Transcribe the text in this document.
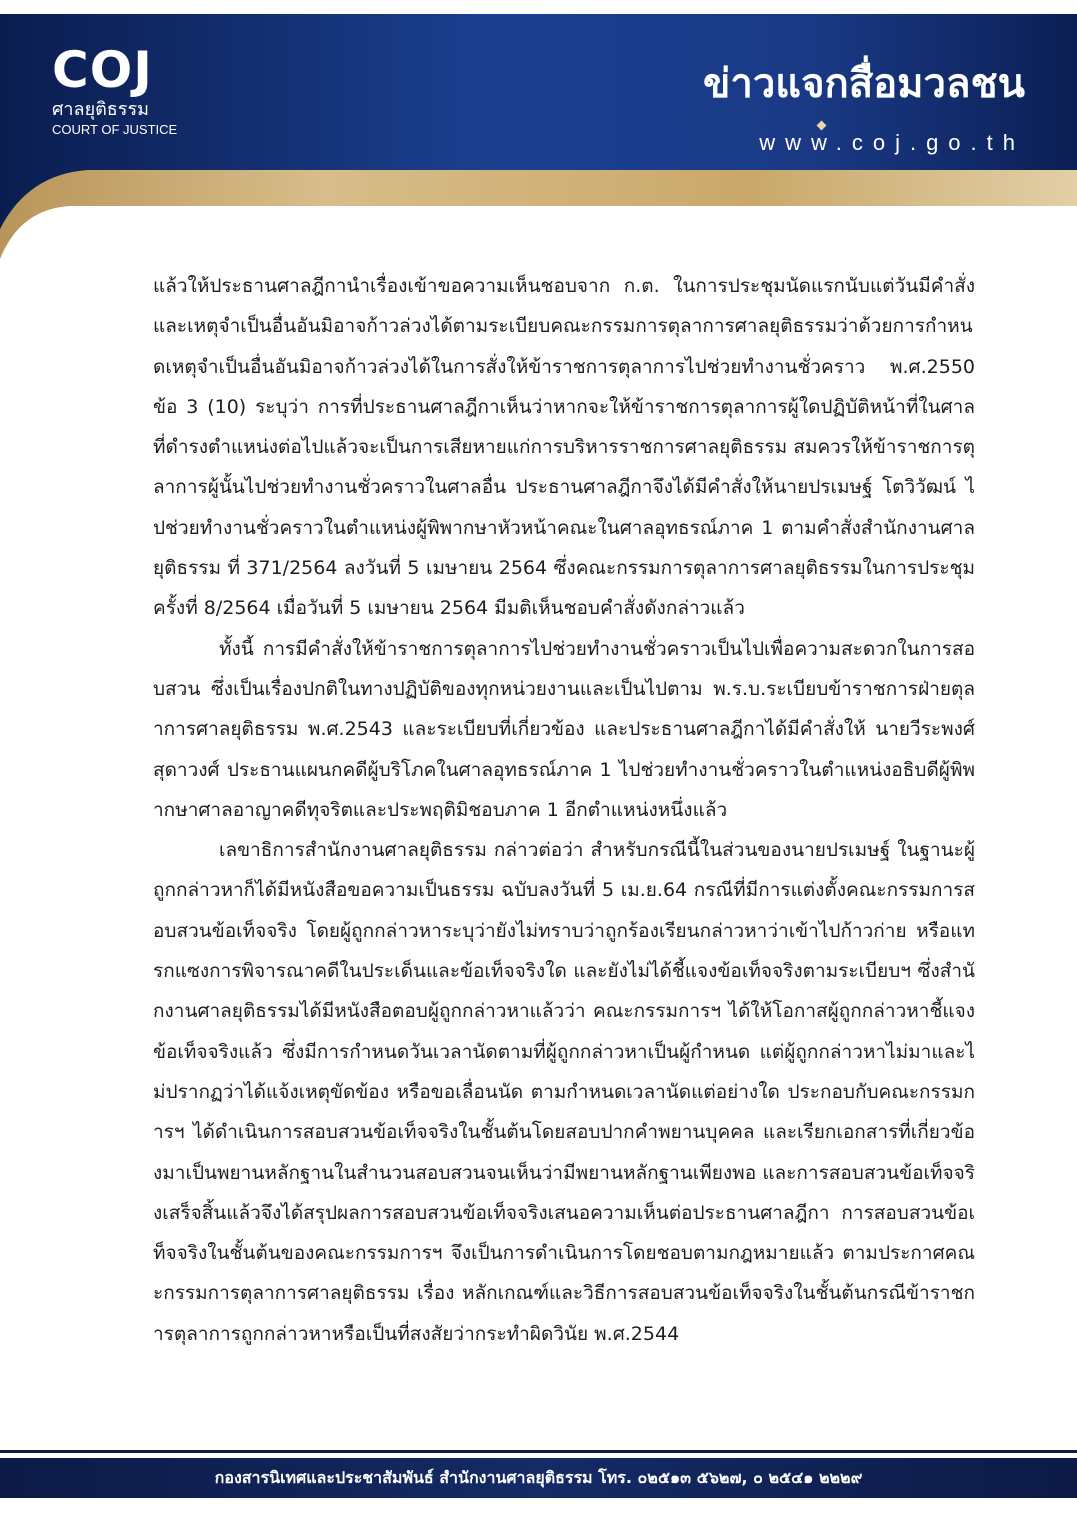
COJ
ศาลยุติธรรม
COURT OF JUSTICE
ข่าวแจกสื่อมวลชน
www.coj.go.th

แล้วให้ประธานศาลฎีกานำเรื่องเข้าขอความเห็นชอบจาก ก.ต. ในการประชุมนัดแรกนับแต่วันมีคำสั่ง และเหตุจำเป็นอื่นอันมิอาจก้าวล่วงได้ตามระเบียบคณะกรรมการตุลาการศาลยุติธรรมว่าด้วยการกำหนดเหตุจำเป็นอื่นอันมิอาจก้าวล่วงได้ในการสั่งให้ข้าราชการตุลาการไปช่วยทำงานชั่วคราว พ.ศ.2550 ข้อ 3 (10) ระบุว่า การที่ประธานศาลฎีกาเห็นว่าหากจะให้ข้าราชการตุลาการผู้ใดปฏิบัติหน้าที่ในศาลที่ดำรงตำแหน่งต่อไปแล้วจะเป็นการเสียหายแก่การบริหารราชการศาลยุติธรรม สมควรให้ข้าราชการตุลาการผู้นั้นไปช่วยทำงานชั่วคราวในศาลอื่น ประธานศาลฎีกาจึงได้มีคำสั่งให้นายปรเมษฐ์ โตวิวัฒน์ ไปช่วยทำงานชั่วคราวในตำแหน่งผู้พิพากษาหัวหน้าคณะในศาลอุทธรณ์ภาค 1 ตามคำสั่งสำนักงานศาลยุติธรรม ที่ 371/2564 ลงวันที่ 5 เมษายน 2564 ซึ่งคณะกรรมการตุลาการศาลยุติธรรมในการประชุมครั้งที่ 8/2564 เมื่อวันที่ 5 เมษายน 2564 มีมติเห็นชอบคำสั่งดังกล่าวแล้ว

ทั้งนี้ การมีคำสั่งให้ข้าราชการตุลาการไปช่วยทำงานชั่วคราวเป็นไปเพื่อความสะดวกในการสอบสวน ซึ่งเป็นเรื่องปกติในทางปฏิบัติของทุกหน่วยงานและเป็นไปตาม พ.ร.บ.ระเบียบข้าราชการฝ่ายตุลาการศาลยุติธรรม พ.ศ.2543 และระเบียบที่เกี่ยวข้อง และประธานศาลฎีกาได้มีคำสั่งให้ นายวีระพงศ์ สุดาวงศ์ ประธานแผนกคดีผู้บริโภคในศาลอุทธรณ์ภาค 1 ไปช่วยทำงานชั่วคราวในตำแหน่งอธิบดีผู้พิพากษาศาลอาญาคดีทุจริตและประพฤติมิชอบภาค 1 อีกตำแหน่งหนึ่งแล้ว

เลขาธิการสำนักงานศาลยุติธรรม กล่าวต่อว่า สำหรับกรณีนี้ในส่วนของนายปรเมษฐ์ ในฐานะผู้ถูกกล่าวหาก็ได้มีหนังสือขอความเป็นธรรม ฉบับลงวันที่ 5 เม.ย.64 กรณีที่มีการแต่งตั้งคณะกรรมการสอบสวนข้อเท็จจริง โดยผู้ถูกกล่าวหาระบุว่ายังไม่ทราบว่าถูกร้องเรียนกล่าวหาว่าเข้าไปก้าวก่าย หรือแทรกแซงการพิจารณาคดีในประเด็นและข้อเท็จจริงใด และยังไม่ได้ชี้แจงข้อเท็จจริงตามระเบียบฯ ซึ่งสำนักงานศาลยุติธรรมได้มีหนังสือตอบผู้ถูกกล่าวหาแล้วว่า คณะกรรมการฯ ได้ให้โอกาสผู้ถูกกล่าวหาชี้แจงข้อเท็จจริงแล้ว ซึ่งมีการกำหนดวันเวลานัดตามที่ผู้ถูกกล่าวหาเป็นผู้กำหนด แต่ผู้ถูกกล่าวหาไม่มาและไม่ปรากฏว่าได้แจ้งเหตุขัดข้อง หรือขอเลื่อนนัด ตามกำหนดเวลานัดแต่อย่างใด ประกอบกับคณะกรรมการฯ ได้ดำเนินการสอบสวนข้อเท็จจริงในชั้นต้นโดยสอบปากคำพยานบุคคล และเรียกเอกสารที่เกี่ยวข้องมาเป็นพยานหลักฐานในสำนวนสอบสวนจนเห็นว่ามีพยานหลักฐานเพียงพอ และการสอบสวนข้อเท็จจริงเสร็จสิ้นแล้วจึงได้สรุปผลการสอบสวนข้อเท็จจริงเสนอความเห็นต่อประธานศาลฎีกา การสอบสวนข้อเท็จจริงในชั้นต้นของคณะกรรมการฯ จึงเป็นการดำเนินการโดยชอบตามกฎหมายแล้ว ตามประกาศคณะกรรมการตุลาการศาลยุติธรรม เรื่อง หลักเกณฑ์และวิธีการสอบสวนข้อเท็จจริงในชั้นต้นกรณีข้าราชการตุลาการถูกกล่าวหาหรือเป็นที่สงสัยว่ากระทำผิดวินัย พ.ศ.2544

กองสารนิเทศและประชาสัมพันธ์ สำนักงานศาลยุติธรรม โทร. ๐๒๕๑๓ ๕๖๒๗, ๐ ๒๕๔๑ ๒๒๒๙
